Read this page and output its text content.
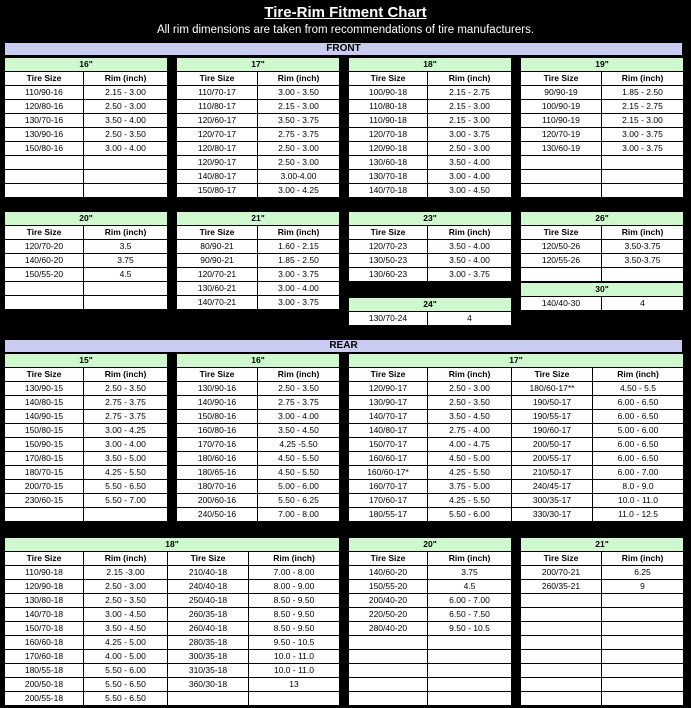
Tire-Rim Fitment Chart
All rim dimensions are taken from recommendations of tire manufacturers.
FRONT
REAR
16"	
Tire Size	Rim (inch)
110/90-16	2.15 - 3.00
120/80-16	2.50 - 3.00
130/70-16	3.50 - 4.00
130/90-16	2.50 - 3.50
150/80-16	3.00 - 4.00

17"	
Tire Size	Rim (inch)
110/70-17	3.00 - 3.50
110/80-17	2.15 - 3.00
120/60-17	3.50 - 3.75
120/70-17	2.75 - 3.75
120/80-17	2.50 - 3.00
120/90-17	2.50 - 3.00
140/80-17	3.00-4.00
150/80-17	3.00 - 4.25
18"	
Tire Size	Rim (inch)
100/90-18	2.15 - 2.75
110/80-18	2.15 - 3.00
110/90-18	2.15 - 3.00
120/70-18	3.00 - 3.75
120/90-18	2.50 - 3.00
130/60-18	3.50 - 4.00
130/70-18	3.00 - 4.00
140/70-18	3.00 - 4.50
19"	
Tire Size	Rim (inch)
90/90-19	1.85 - 2.50
100/90-19	2.15 - 2.75
110/90-19	2.15 - 3.00
120/70-19	3.00 - 3.75
130/60-19	3.00 - 3.75

20"	
Tire Size	Rim (inch)
120/70-20	3.5
140/60-20	3.75
150/55-20	4.5

21"	
Tire Size	Rim (inch)
80/90-21	1.60 - 2.15
90/90-21	1.85 - 2.50
120/70-21	3.00 - 3.75
130/60-21	3.00 - 4.00
140/70-21	3.00 - 3.75
23"	
Tire Size	Rim (inch)
120/70-23	3.50 - 4.00
130/50-23	3.50 - 4.00
130/60-23	3.00 - 3.75
24"
130/70-24	4
26"	
Tire Size	Rim (inch)
120/50-26	3.50-3.75
120/55-26	3.50-3.75

30"
140/40-30	4
15"	
Tire Size	Rim (inch)
130/90-15	2.50 - 3.50
140/80-15	2.75 - 3.75
140/90-15	2.75 - 3.75
150/80-15	3.00 - 4.25
150/90-15	3.00 - 4.00
170/80-15	3.50 - 5.00
180/70-15	4.25 - 5.50
200/70-15	5.50 - 6.50
230/60-15	5.50 - 7.00

16"	
Tire Size	Rim (inch)
130/90-16	2.50 - 3.50
140/90-16	2.75 - 3.75
150/80-16	3.00 - 4.00
160/80-16	3.50 - 4.50
170/70-16	4.25 -5.50
180/60-16	4.50 - 5.50
180/65-16	4.50 - 5.50
180/70-16	5.00 - 6.00
200/60-16	5.50 - 6.25
240/50-16	7.00 - 8.00
17"			
Tire Size	Rim (inch)	Tire Size	Rim (inch)
120/90-17	2.50 - 3.00	180/60-17**	4.50 - 5.5
130/90-17	2.50 - 3.50	190/50-17	6.00 - 6.50
140/70-17	3.50 - 4.50	190/55-17	6.00 - 6.50
140/80-17	2.75 - 4.00	190/60-17	5.00 - 6.00
150/70-17	4.00 - 4.75	200/50-17	6.00 - 6.50
160/60-17	4.50 - 5.00	200/55-17	6.00 - 6.50
160/60-17*	4.25 - 5.50	210/50-17	6.00 - 7.00
160/70-17	3.75 - 5.00	240/45-17	8.0 - 9.0
170/60-17	4.25 - 5.50	300/35-17	10.0 - 11.0
180/55-17	5.50 - 6.00	330/30-17	11.0 - 12.5
18"			
Tire Size	Rim (inch)	Tire Size	Rim (inch)
110/90-18	2.15 -3.00	210/40-18	7.00 - 8.00
120/90-18	2.50 - 3.00	240/40-18	8.00 - 9.00
130/80-18	2.50 - 3.50	250/40-18	8.50 - 9.50
140/70-18	3.00 - 4.50	260/35-18	8.50 - 9.50
150/70-18	3.50 - 4.50	260/40-18	8.50 - 9.50
160/60-18	4.25 - 5.00	280/35-18	9.50 - 10.5
170/60-18	4.00 - 5.00	300/35-18	10.0 - 11.0
180/55-18	5.50 - 6.00	310/35-18	10.0 - 11.0
200/50-18	5.50 - 6.50	360/30-18	13
200/55-18	5.50 - 6.50		
20"	
Tire Size	Rim (inch)
140/60-20	3.75
150/55-20	4.5
200/40-20	6.00 - 7.00
220/50-20	6.50 - 7.50
280/40-20	9.50 - 10.5

21"	
Tire Size	Rim (inch)
200/70-21	6.25
260/35-21	9
